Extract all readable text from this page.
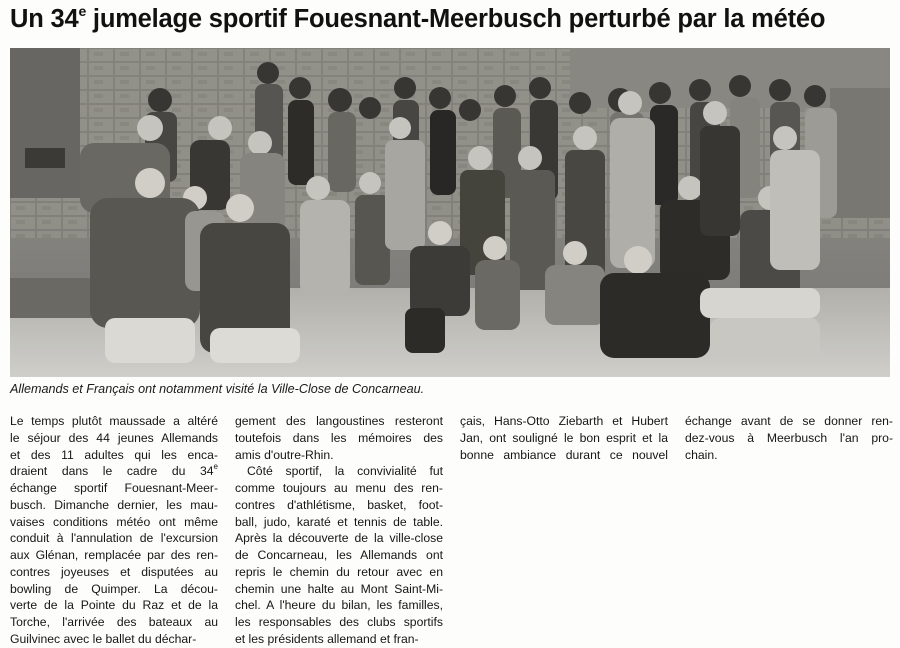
Un 34e jumelage sportif Fouesnant-Meerbusch perturbé par la météo
Allemands et Français ont notamment visité la Ville-Close de Concarneau.
Le temps plutôt maussade a altéré
le séjour des 44 jeunes Allemands
et des 11 adultes qui les enca-
draient dans le cadre du 34e
échange sportif Fouesnant-Meer-
busch. Dimanche dernier, les mau-
vaises conditions météo ont même
conduit à l'annulation de l'excursion
aux Glénan, remplacée par des ren-
contres joyeuses et disputées au
bowling de Quimper. La décou-
verte de la Pointe du Raz et de la
Torche, l'arrivée des bateaux au
Guilvinec avec le ballet du déchar-
gement des langoustines resteront
toutefois dans les mémoires des
amis d'outre-Rhin.
Côté sportif, la convivialité fut
comme toujours au menu des ren-
contres d'athlétisme, basket, foot-
ball, judo, karaté et tennis de table.
Après la découverte de la ville-close
de Concarneau, les Allemands ont
repris le chemin du retour avec en
chemin une halte au Mont Saint-Mi-
chel. A l'heure du bilan, les familles,
les responsables des clubs sportifs
et les présidents allemand et fran-
çais, Hans-Otto Ziebarth et Hubert
Jan, ont souligné le bon esprit et la
bonne ambiance durant ce nouvel
échange avant de se donner ren-
dez-vous à Meerbusch l'an pro-
chain.
